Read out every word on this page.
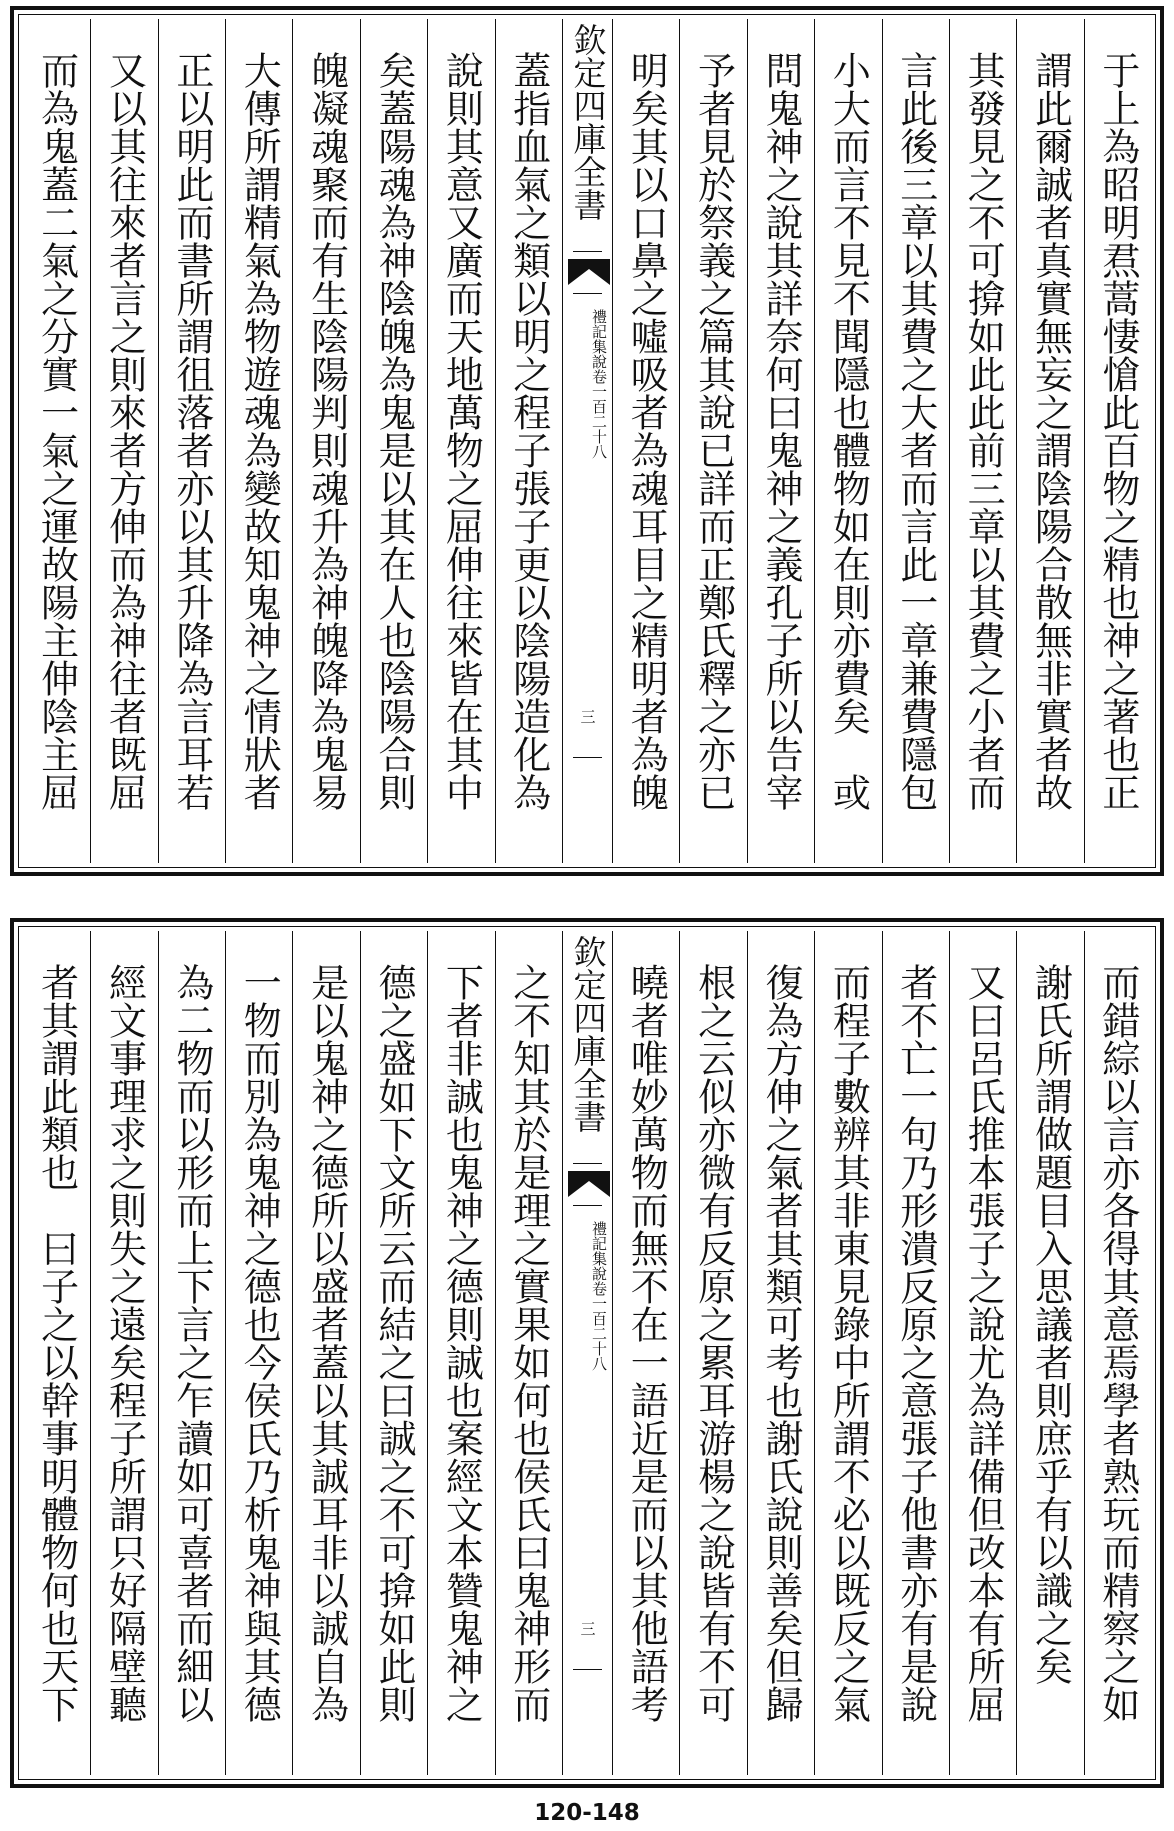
于上為昭明焄蒿悽愴此百物之精也神之著也正
謂此爾誠者真實無妄之謂陰陽合散無非實者故
其發見之不可揜如此此前三章以其費之小者而
言此後三章以其費之大者而言此一章兼費隱包
小大而言不見不聞隱也體物如在則亦費矣　或
問鬼神之說其詳奈何曰鬼神之義孔子所以告宰
予者見於祭義之篇其說已詳而正鄭氏釋之亦已
明矣其以口鼻之噓吸者為魂耳目之精明者為魄
欽定四庫全書
禮記集說
卷一百二十八
三
蓋指血氣之類以明之程子張子更以陰陽造化為
說則其意又廣而天地萬物之屈伸往來皆在其中
矣蓋陽魂為神陰魄為鬼是以其在人也陰陽合則
魄凝魂聚而有生陰陽判則魂升為神魄降為鬼易
大傳所謂精氣為物遊魂為變故知鬼神之情狀者
正以明此而書所謂徂落者亦以其升降為言耳若
又以其往來者言之則來者方伸而為神往者既屈
而為鬼蓋二氣之分實一氣之運故陽主伸陰主屈
而錯綜以言亦各得其意焉學者熟玩而精察之如
謝氏所謂做題目入思議者則庶乎有以識之矣
又曰呂氏推本張子之說尤為詳備但改本有所屈
者不亡一句乃形潰反原之意張子他書亦有是說
而程子數辨其非東見錄中所謂不必以既反之氣
復為方伸之氣者其類可考也謝氏說則善矣但歸
根之云似亦微有反原之累耳游楊之說皆有不可
曉者唯妙萬物而無不在一語近是而以其他語考
欽定四庫全書
禮記集說
卷一百二十八
三
之不知其於是理之實果如何也侯氏曰鬼神形而
下者非誠也鬼神之德則誠也案經文本贊鬼神之
德之盛如下文所云而結之曰誠之不可揜如此則
是以鬼神之德所以盛者蓋以其誠耳非以誠自為
一物而別為鬼神之德也今侯氏乃析鬼神與其德
為二物而以形而上下言之乍讀如可喜者而細以
經文事理求之則失之遠矣程子所謂只好隔壁聽
者其謂此類也　曰子之以幹事明體物何也天下
120-148
